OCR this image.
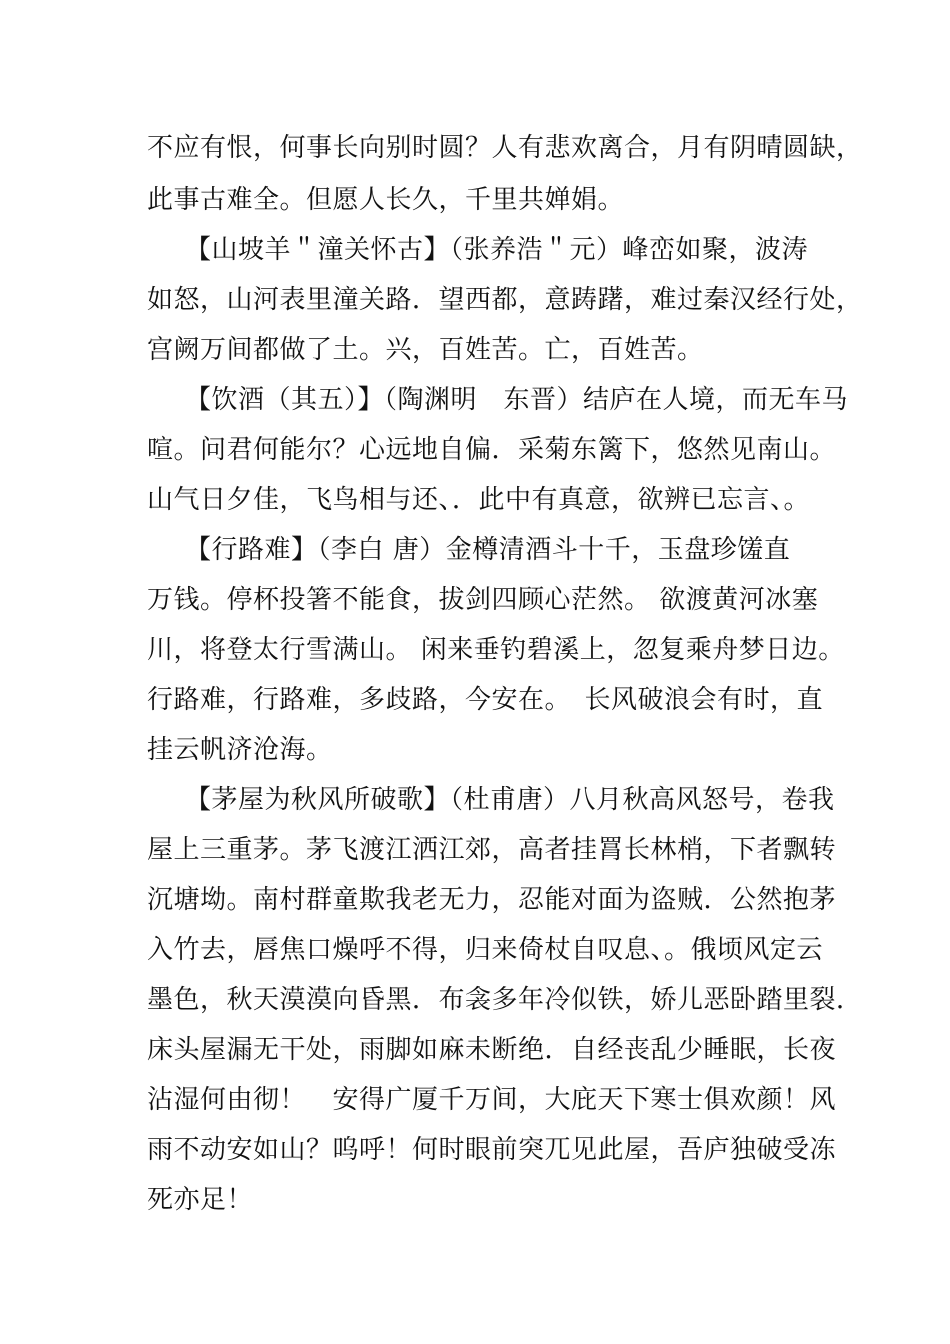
不应有恨，何事长向别时圆？人有悲欢离合，月有阴晴圆缺，

此事古难全。但愿人长久，千里共婵娟。

【山坡羊＂潼关怀古】（张养浩＂元）峰峦如聚，波涛

如怒，山河表里潼关路．望西都，意踌躇，难过秦汉经行处，

宫阙万间都做了土。兴，百姓苦。亡，百姓苦。

【饮酒（其五）】（陶渊明　东晋）结庐在人境，而无车马

喧。问君何能尔？心远地自偏．采菊东篱下，悠然见南山。

山气日夕佳，飞鸟相与还、．此中有真意，欲辨已忘言、。

【行路难】（李白 唐）金樽清酒斗十千，玉盘珍馐直

万钱。停杯投箸不能食，拔剑四顾心茫然。 欲渡黄河冰塞

川，将登太行雪满山。 闲来垂钓碧溪上，忽复乘舟梦日边。

行路难，行路难，多歧路，今安在。　长风破浪会有时，直

挂云帆济沧海。

【茅屋为秋风所破歌】（杜甫唐）八月秋高风怒号，卷我

屋上三重茅。茅飞渡江洒江郊，高者挂罥长林梢，下者飘转

沉塘坳。南村群童欺我老无力，忍能对面为盗贼．公然抱茅

入竹去，唇焦口燥呼不得，归来倚杖自叹息、。俄顷风定云

墨色，秋天漠漠向昏黑．布衾多年冷似铁，娇儿恶卧踏里裂．

床头屋漏无干处，雨脚如麻未断绝．自经丧乱少睡眠，长夜

沾湿何由彻！　安得广厦千万间，大庇天下寒士俱欢颜！风

雨不动安如山？呜呼！何时眼前突兀见此屋，吾庐独破受冻

死亦足！
